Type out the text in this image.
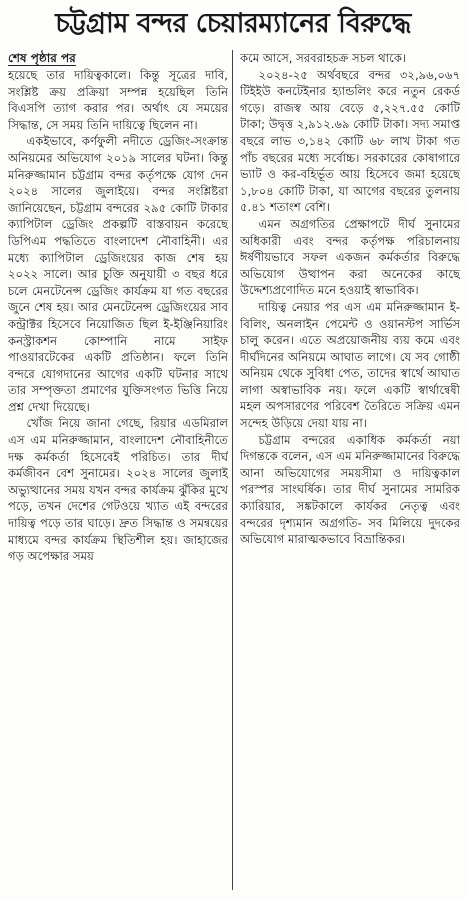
চট্টগ্রাম বন্দর চেয়ারম্যানের বিরুদ্ধে
শেষ পৃষ্ঠার পর

হয়েছে তার দায়িত্বকালে। কিন্তু সূত্রের দাবি, সংশ্লিষ্ট ক্রয় প্রক্রিয়া সম্পন্ন হয়েছিল তিনি বিএসপি ত্যাগ করার পর। অর্থাৎ যে সময়ের সিদ্ধান্ত, সে সময় তিনি দায়িত্বে ছিলেন না।

একইভাবে, কর্ণফুলী নদীতে ড্রেজিং-সংক্রান্ত অনিয়মের অভিযোগ ২০১৯ সালের ঘটনা। কিন্তু মনিরুজ্জামান চট্টগ্রাম বন্দর কর্তৃপক্ষে যোগ দেন ২০২৪ সালের জুলাইয়ে। বন্দর সংশ্লিষ্টরা জানিয়েছেন, চট্টগ্রাম বন্দরের ২৯৫ কোটি টাকার ক্যাপিটাল ড্রেজিং প্রকল্পটি বাস্তবায়ন করেছে ডিপিএম পদ্ধতিতে বাংলাদেশ নৌবাহিনী। এর মধ্যে ক্যাপিটাল ড্রেজিংয়ের কাজ শেষ হয় ২০২২ সালে। আর চুক্তি অনুযায়ী ৩ বছর ধরে চলে মেনটেনেন্স ড্রেজিং কার্যক্রম যা গত বছরের জুনে শেষ হয়। আর মেনটেনেন্স ড্রেজিংয়ের সাব কন্ট্রাক্টর হিসেবে নিয়োজিত ছিল ই-ইঞ্জিনিয়ারিং কনস্ট্রাকশন কোম্পানি নামে সাইফ পাওয়ারটেকের একটি প্রতিষ্ঠান। ফলে তিনি বন্দরে যোগদানের আগের একটি ঘটনার সাথে তার সম্পৃক্ততা প্রমাণের যুক্তিসংগত ভিত্তি নিয়ে প্রশ্ন দেখা দিয়েছে।

খোঁজ নিয়ে জানা গেছে, রিয়ার এডমিরাল এস এম মনিরুজ্জামান, বাংলাদেশ নৌবাহিনীতে দক্ষ কর্মকর্তা হিসেবেই পরিচিত। তার দীর্ঘ কর্মজীবন বেশ সুনামের। ২০২৪ সালের জুলাই অভ্যুত্থানের সময় যখন বন্দর কার্যক্রম ঝুঁকির মুখে পড়ে, তখন দেশের গেটওয়ে খ্যাত এই বন্দরের দায়িত্ব পড়ে তার ঘাড়ে। দ্রুত সিদ্ধান্ত ও সমন্বয়ের মাধ্যমে বন্দর কার্যক্রম স্থিতিশীল হয়। জাহাজের গড় অপেক্ষার সময়

কমে আসে, সরবরাহচক্র সচল থাকে।

২০২৪-২৫ অর্থবছরে বন্দর ৩২,৯৬,০৬৭ টিইইউ কনটেইনার হ্যান্ডলিং করে নতুন রেকর্ড গড়ে। রাজস্ব আয় বেড়ে ৫,২২৭.৫৫ কোটি টাকা; উদ্বৃত্ত ২,৯১২.৬৯ কোটি টাকা। সদ্য সমাপ্ত বছরে লাভ ৩,১৪২ কোটি ৬৮ লাখ টাকা গত পাঁচ বছরের মধ্যে সর্বোচ্চ। সরকারের কোষাগারে ভ্যাট ও কর-বহির্ভূত আয় হিসেবে জমা হয়েছে ১,৮০৪ কোটি টাকা, যা আগের বছরের তুলনায় ৫.৪১ শতাংশ বেশি।

এমন অগ্রগতির প্রেক্ষাপটে দীর্ঘ সুনামের অধিকারী এবং বন্দর কর্তৃপক্ষ পরিচালনায় ঈর্ষণীয়ভাবে সফল একজন কর্মকর্তার বিরুদ্ধে অভিযোগ উত্থাপন করা অনেকের কাছে উদ্দেশ্যপ্রণোদিত মনে হওয়াই স্বাভাবিক।

দায়িত্ব নেয়ার পর এস এম মনিরুজ্জামান ই-বিলিং, অনলাইন পেমেন্ট ও ওয়ানস্টপ সার্ভিস চালু করেন। এতে অপ্রয়োজনীয় ব্যয় কমে এবং দীর্ঘদিনের অনিয়মে আঘাত লাগে। যে সব গোষ্ঠী অনিয়ম থেকে সুবিধা পেত, তাদের স্বার্থে আঘাত লাগা অস্বাভাবিক নয়। ফলে একটি স্বার্থান্বেষী মহল অপসারণের পরিবেশ তৈরিতে সক্রিয় এমন সন্দেহ উড়িয়ে দেয়া যায় না।

চট্টগ্রাম বন্দরের একাধিক কর্মকর্তা নয়া দিগন্তকে বলেন, এস এম মনিরুজ্জামানের বিরুদ্ধে আনা অভিযোগের সময়সীমা ও দায়িত্বকাল পরস্পর সাংঘর্ষিক। তার দীর্ঘ সুনামের সামরিক ক্যারিয়ার, সঙ্কটকালে কার্যকর নেতৃত্ব এবং বন্দরের দৃশ্যমান অগ্রগতি- সব মিলিয়ে দুদকের অভিযোগ মারাত্মকভাবে বিভ্রান্তিকর।
